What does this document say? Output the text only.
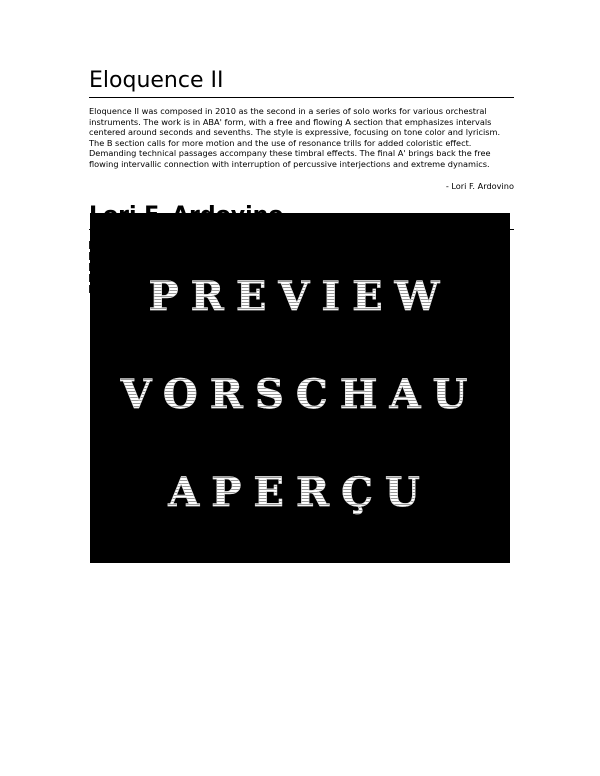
Eloquence II

Eloquence II was composed in 2010 as the second in a series of solo works for various orchestral instruments. The work is in ABA' form, with a free and flowing A section that emphasizes intervals centered around seconds and sevenths. The style is expressive, focusing on tone color and lyricism. The B section calls for more motion and the use of resonance trills for added coloristic effect. Demanding technical passages accompany these timbral effects. The final A' brings back the free flowing intervallic connection with interruption of percussive interjections and extreme dynamics.

- Lori F. Ardovino
PREVIEW
VORSCHAU
APERÇU
